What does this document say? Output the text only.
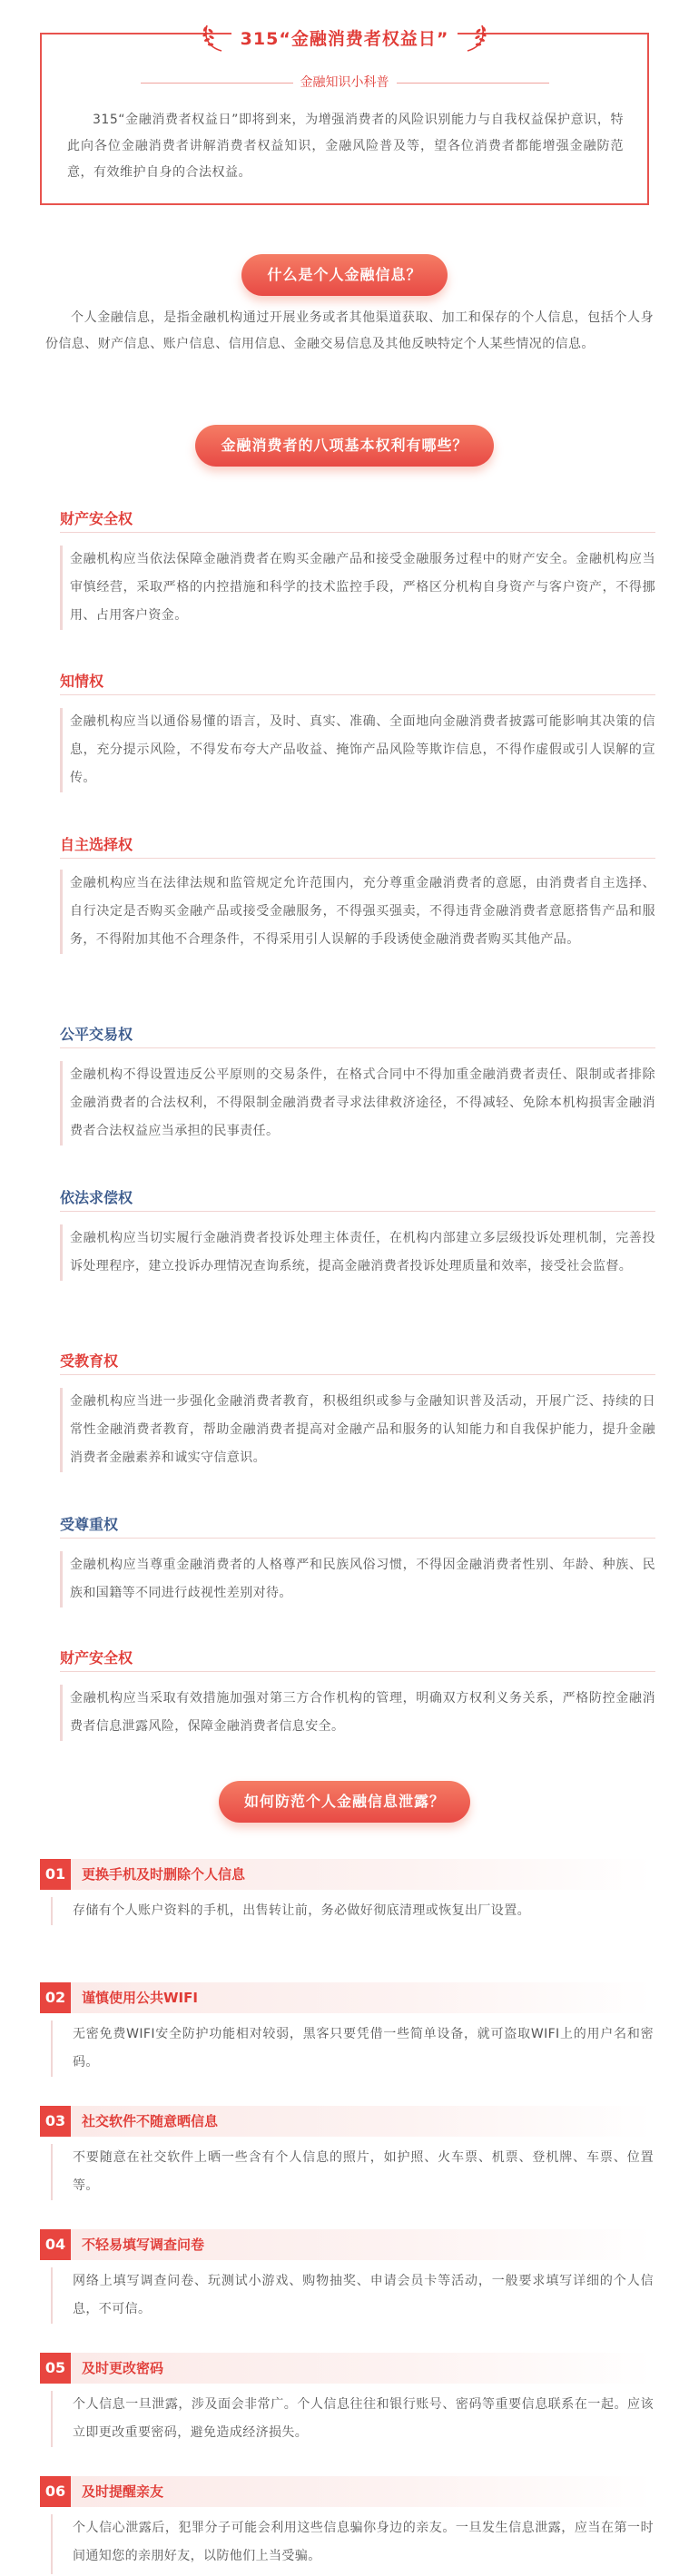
315“金融消费者权益日”
金融知识小科普

315“金融消费者权益日”即将到来，为增强消费者的风险识别能力与自我权益保护意识，特此向各位金融消费者讲解消费者权益知识，金融风险普及等，望各位消费者都能增强金融防范意，有效维护自身的合法权益。

什么是个人金融信息？

个人金融信息，是指金融机构通过开展业务或者其他渠道获取、加工和保存的个人信息，包括个人身份信息、财产信息、账户信息、信用信息、金融交易信息及其他反映特定个人某些情况的信息。

金融消费者的八项基本权利有哪些？
财产安全权
金融机构应当依法保障金融消费者在购买金融产品和接受金融服务过程中的财产安全。金融机构应当审慎经营，采取严格的内控措施和科学的技术监控手段，严格区分机构自身资产与客户资产，不得挪用、占用客户资金。
知情权
金融机构应当以通俗易懂的语言，及时、真实、准确、全面地向金融消费者披露可能影响其决策的信息，充分提示风险，不得发布夸大产品收益、掩饰产品风险等欺诈信息，不得作虚假或引人误解的宣传。
自主选择权
金融机构应当在法律法规和监管规定允许范围内，充分尊重金融消费者的意愿，由消费者自主选择、自行决定是否购买金融产品或接受金融服务，不得强买强卖，不得违背金融消费者意愿搭售产品和服务，不得附加其他不合理条件，不得采用引人误解的手段诱使金融消费者购买其他产品。
公平交易权
金融机构不得设置违反公平原则的交易条件，在格式合同中不得加重金融消费者责任、限制或者排除金融消费者的合法权利，不得限制金融消费者寻求法律救济途径，不得减轻、免除本机构损害金融消费者合法权益应当承担的民事责任。
依法求偿权
金融机构应当切实履行金融消费者投诉处理主体责任，在机构内部建立多层级投诉处理机制，完善投诉处理程序，建立投诉办理情况查询系统，提高金融消费者投诉处理质量和效率，接受社会监督。
受教育权
金融机构应当进一步强化金融消费者教育，积极组织或参与金融知识普及活动，开展广泛、持续的日常性金融消费者教育，帮助金融消费者提高对金融产品和服务的认知能力和自我保护能力，提升金融消费者金融素养和诚实守信意识。
受尊重权
金融机构应当尊重金融消费者的人格尊严和民族风俗习惯，不得因金融消费者性别、年龄、种族、民族和国籍等不同进行歧视性差别对待。
财产安全权
金融机构应当采取有效措施加强对第三方合作机构的管理，明确双方权利义务关系，严格防控金融消费者信息泄露风险，保障金融消费者信息安全。
如何防范个人金融信息泄露？
01	更换手机及时删除个人信息
存储有个人账户资料的手机，出售转让前，务必做好彻底清理或恢复出厂设置。
02	谨慎使用公共WIFI
无密免费WIFI安全防护功能相对较弱，黑客只要凭借一些简单设备，就可盗取WIFI上的用户名和密码。
03	社交软件不随意晒信息
不要随意在社交软件上晒一些含有个人信息的照片，如护照、火车票、机票、登机牌、车票、位置等。
04	不轻易填写调查问卷
网络上填写调查问卷、玩测试小游戏、购物抽奖、申请会员卡等活动，一般要求填写详细的个人信息，不可信。
05	及时更改密码
个人信息一旦泄露，涉及面会非常广。个人信息往往和银行账号、密码等重要信息联系在一起。应该立即更改重要密码，避免造成经济损失。
06	及时提醒亲友
个人信心泄露后，犯罪分子可能会利用这些信息骗你身边的亲友。一旦发生信息泄露，应当在第一时间通知您的亲朋好友，以防他们上当受骗。
